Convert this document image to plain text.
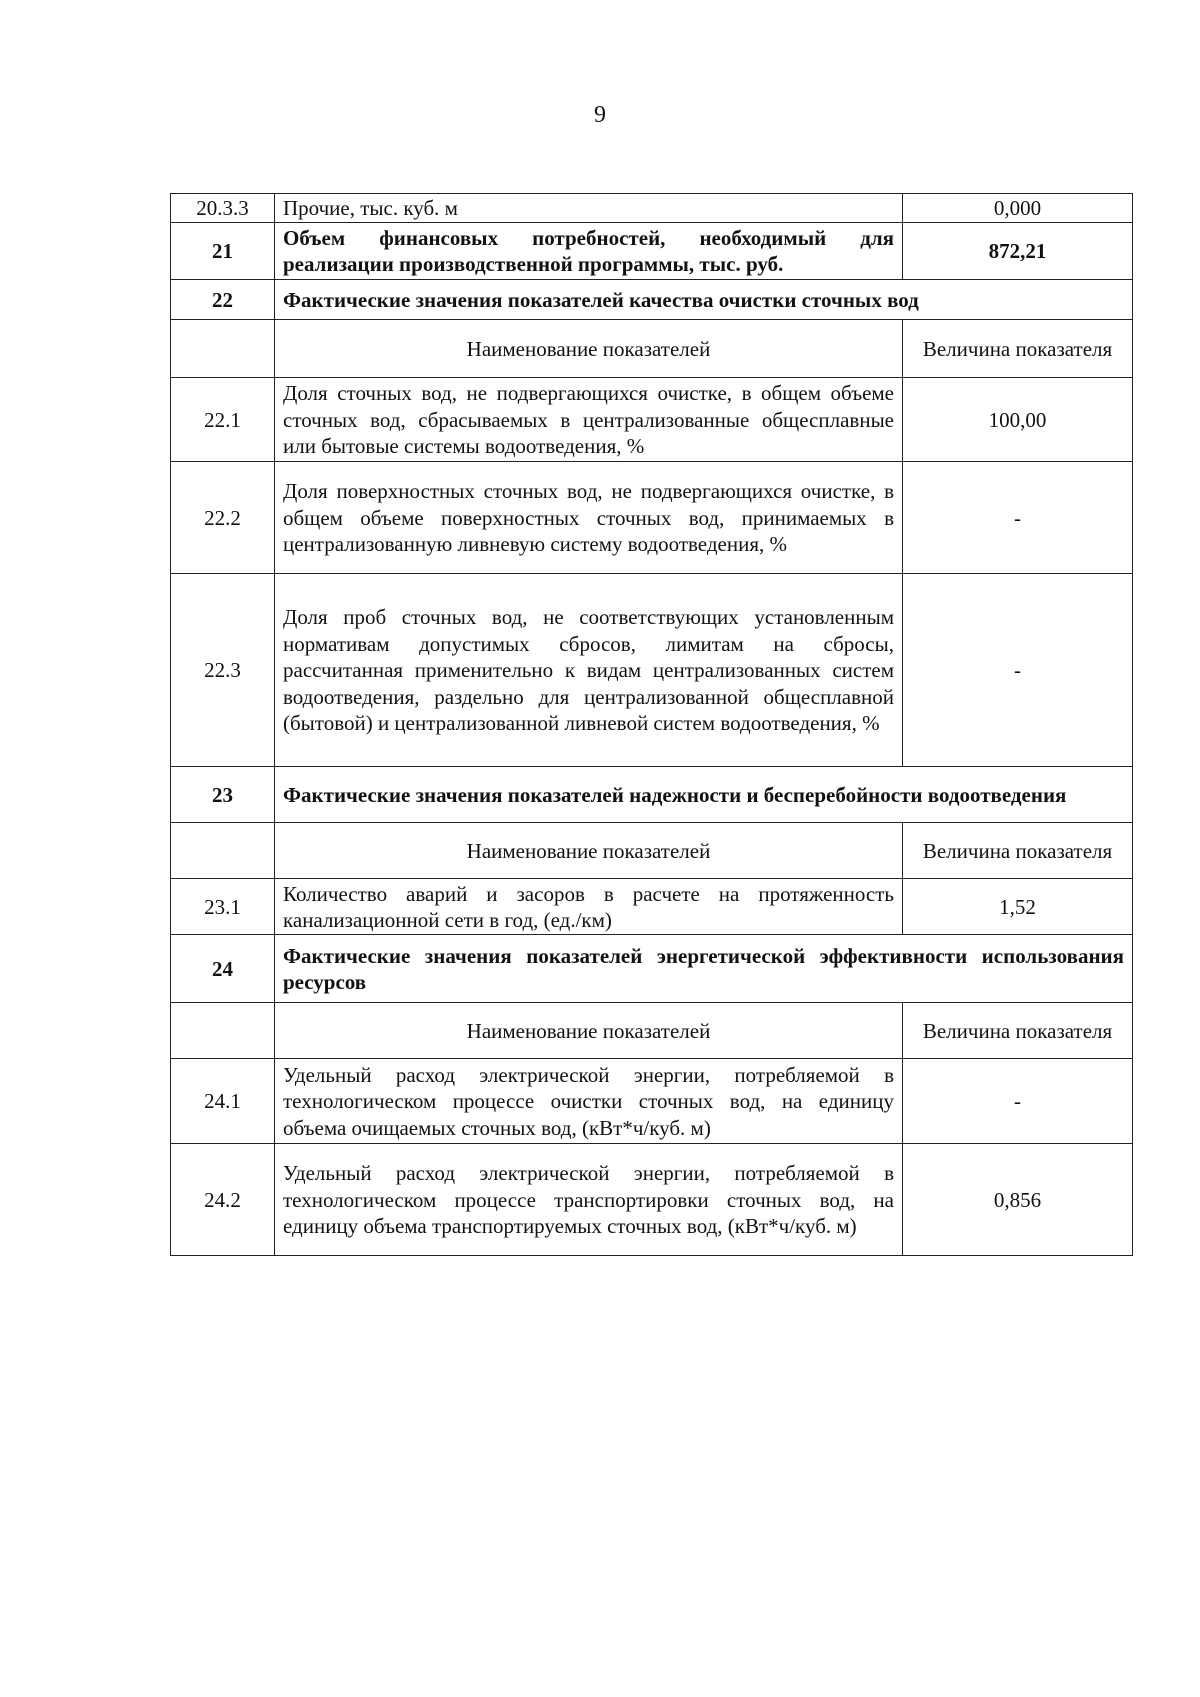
9
20.3.3	Прочие, тыс. куб. м	0,000
21	Объем финансовых потребностей, необходимый для реализации производственной программы, тыс. руб.	872,21
22	Фактические значения показателей качества очистки сточных вод	
	Наименование показателей	Величина показателя
22.1	Доля сточных вод, не подвергающихся очистке, в общем объеме сточных вод, сбрасываемых в централизованные общесплавные или бытовые системы водоотведения, %	100,00
22.2	Доля поверхностных сточных вод, не подвергающихся очистке, в общем объеме поверхностных сточных вод, принимаемых в централизованную ливневую систему водоотведения, %	-
22.3	Доля проб сточных вод, не соответствующих установленным нормативам допустимых сбросов, лимитам на сбросы, рассчитанная применительно к видам централизованных систем водоотведения, раздельно для централизованной общесплавной (бытовой) и централизованной ливневой систем водоотведения, %	-
23	Фактические значения показателей надежности и бесперебойности водоотведения	
	Наименование показателей	Величина показателя
23.1	Количество аварий и засоров в расчете на протяженность канализационной сети в год, (ед./км)	1,52
24	Фактические значения показателей энергетической эффективности использования ресурсов	
	Наименование показателей	Величина показателя
24.1	Удельный расход электрической энергии, потребляемой в технологическом процессе очистки сточных вод, на единицу объема очищаемых сточных вод, (кВт*ч/куб. м)	-
24.2	Удельный расход электрической энергии, потребляемой в технологическом процессе транспортировки сточных вод, на единицу объема транспортируемых сточных вод, (кВт*ч/куб. м)	0,856
